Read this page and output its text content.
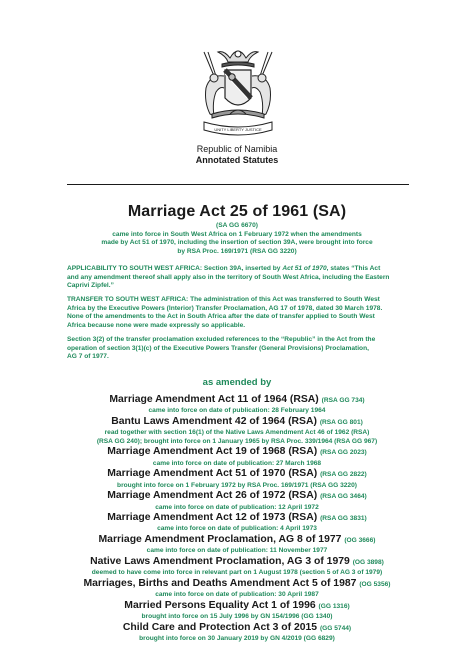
UNITY LIBERTY JUSTICE
Republic of Namibia
Annotated Statutes
Marriage Act 25 of 1961 (SA)
(SA GG 6670)
came into force in South West Africa on 1 February 1972 when the amendments
made by Act 51 of 1970, including the insertion of section 39A, were brought into force
by RSA Proc. 169/1971 (RSA GG 3220)
APPLICABILITY TO SOUTH WEST AFRICA: Section 39A, inserted by Act 51 of 1970, states “This Act
and any amendment thereof shall apply also in the territory of South West Africa, including the Eastern
Caprivi Zipfel.”
TRANSFER TO SOUTH WEST AFRICA: The administration of this Act was transferred to South West
Africa by the Executive Powers (Interior) Transfer Proclamation, AG 17 of 1978, dated 30 March 1978.
None of the amendments to the Act in South Africa after the date of transfer applied to South West
Africa because none were made expressly so applicable.
Section 3(2) of the transfer proclamation excluded references to the “Republic” in the Act from the
operation of section 3(1)(c) of the Executive Powers Transfer (General Provisions) Proclamation,
AG 7 of 1977.
as amended by
Marriage Amendment Act 11 of 1964 (RSA) (RSA GG 734)
came into force on date of publication: 28 February 1964
Bantu Laws Amendment 42 of 1964 (RSA) (RSA GG 801)
read together with section 16(1) of the Native Laws Amendment Act 46 of 1962 (RSA)
(RSA GG 240); brought into force on 1 January 1965 by RSA Proc. 339/1964 (RSA GG 967)
Marriage Amendment Act 19 of 1968 (RSA) (RSA GG 2023)
came into force on date of publication: 27 March 1968
Marriage Amendment Act 51 of 1970 (RSA) (RSA GG 2822)
brought into force on 1 February 1972 by RSA Proc. 169/1971 (RSA GG 3220)
Marriage Amendment Act 26 of 1972 (RSA) (RSA GG 3464)
came into force on date of publication: 12 April 1972
Marriage Amendment Act 12 of 1973 (RSA) (RSA GG 3831)
came into force on date of publication: 4 April 1973
Marriage Amendment Proclamation, AG 8 of 1977 (OG 3666)
came into force on date of publication: 11 November 1977
Native Laws Amendment Proclamation, AG 3 of 1979 (OG 3898)
deemed to have come into force in relevant part on 1 August 1978 (section 5 of AG 3 of 1979)
Marriages, Births and Deaths Amendment Act 5 of 1987 (OG 5356)
came into force on date of publication: 30 April 1987
Married Persons Equality Act 1 of 1996 (GG 1316)
brought into force on 15 July 1996 by GN 154/1996 (GG 1340)
Child Care and Protection Act 3 of 2015 (GG 5744)
brought into force on 30 January 2019 by GN 4/2019 (GG 6829)
